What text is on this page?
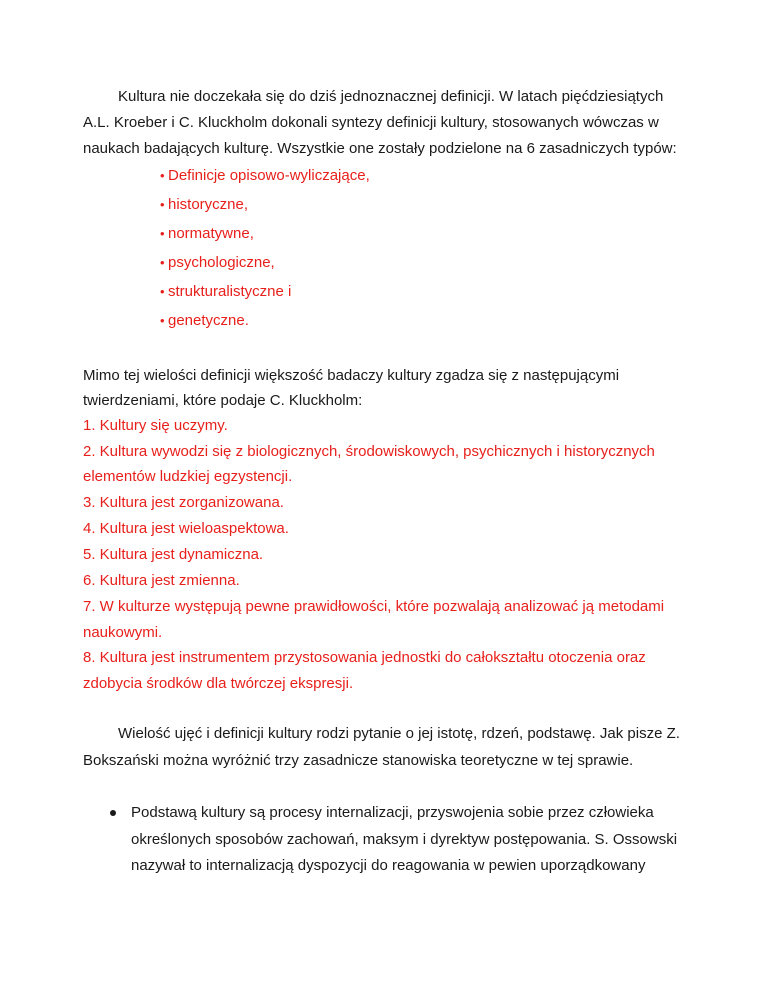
Kultura nie doczekała się do dziś jednoznacznej definicji. W latach pięćdziesiątych
A.L. Kroeber i C. Kluckholm dokonali syntezy definicji kultury, stosowanych wówczas w
naukach badających kulturę. Wszystkie one zostały podzielone na 6 zasadniczych typów:
• Definicje opisowo-wyliczające,
• historyczne,
• normatywne,
• psychologiczne,
• strukturalistyczne i
• genetyczne.
Mimo tej wielości definicji większość badaczy kultury zgadza się z następującymi
twierdzeniami, które podaje C. Kluckholm:
1. Kultury się uczymy.
2. Kultura wywodzi się z biologicznych, środowiskowych, psychicznych i historycznych
elementów ludzkiej egzystencji.
3. Kultura jest zorganizowana.
4. Kultura jest wieloaspektowa.
5. Kultura jest dynamiczna.
6. Kultura jest zmienna.
7. W kulturze występują pewne prawidłowości, które pozwalają analizować ją metodami
naukowymi.
8. Kultura jest instrumentem przystosowania jednostki do całokształtu otoczenia oraz
zdobycia środków dla twórczej ekspresji.
Wielość ujęć i definicji kultury rodzi pytanie o jej istotę, rdzeń, podstawę. Jak pisze Z.
Bokszański można wyróżnić trzy zasadnicze stanowiska teoretyczne w tej sprawie.
Podstawą kultury są procesy internalizacji, przyswojenia sobie przez człowieka
określonych sposobów zachowań, maksym i dyrektyw postępowania. S. Ossowski
nazywał to internalizacją dyspozycji do reagowania w pewien uporządkowany
